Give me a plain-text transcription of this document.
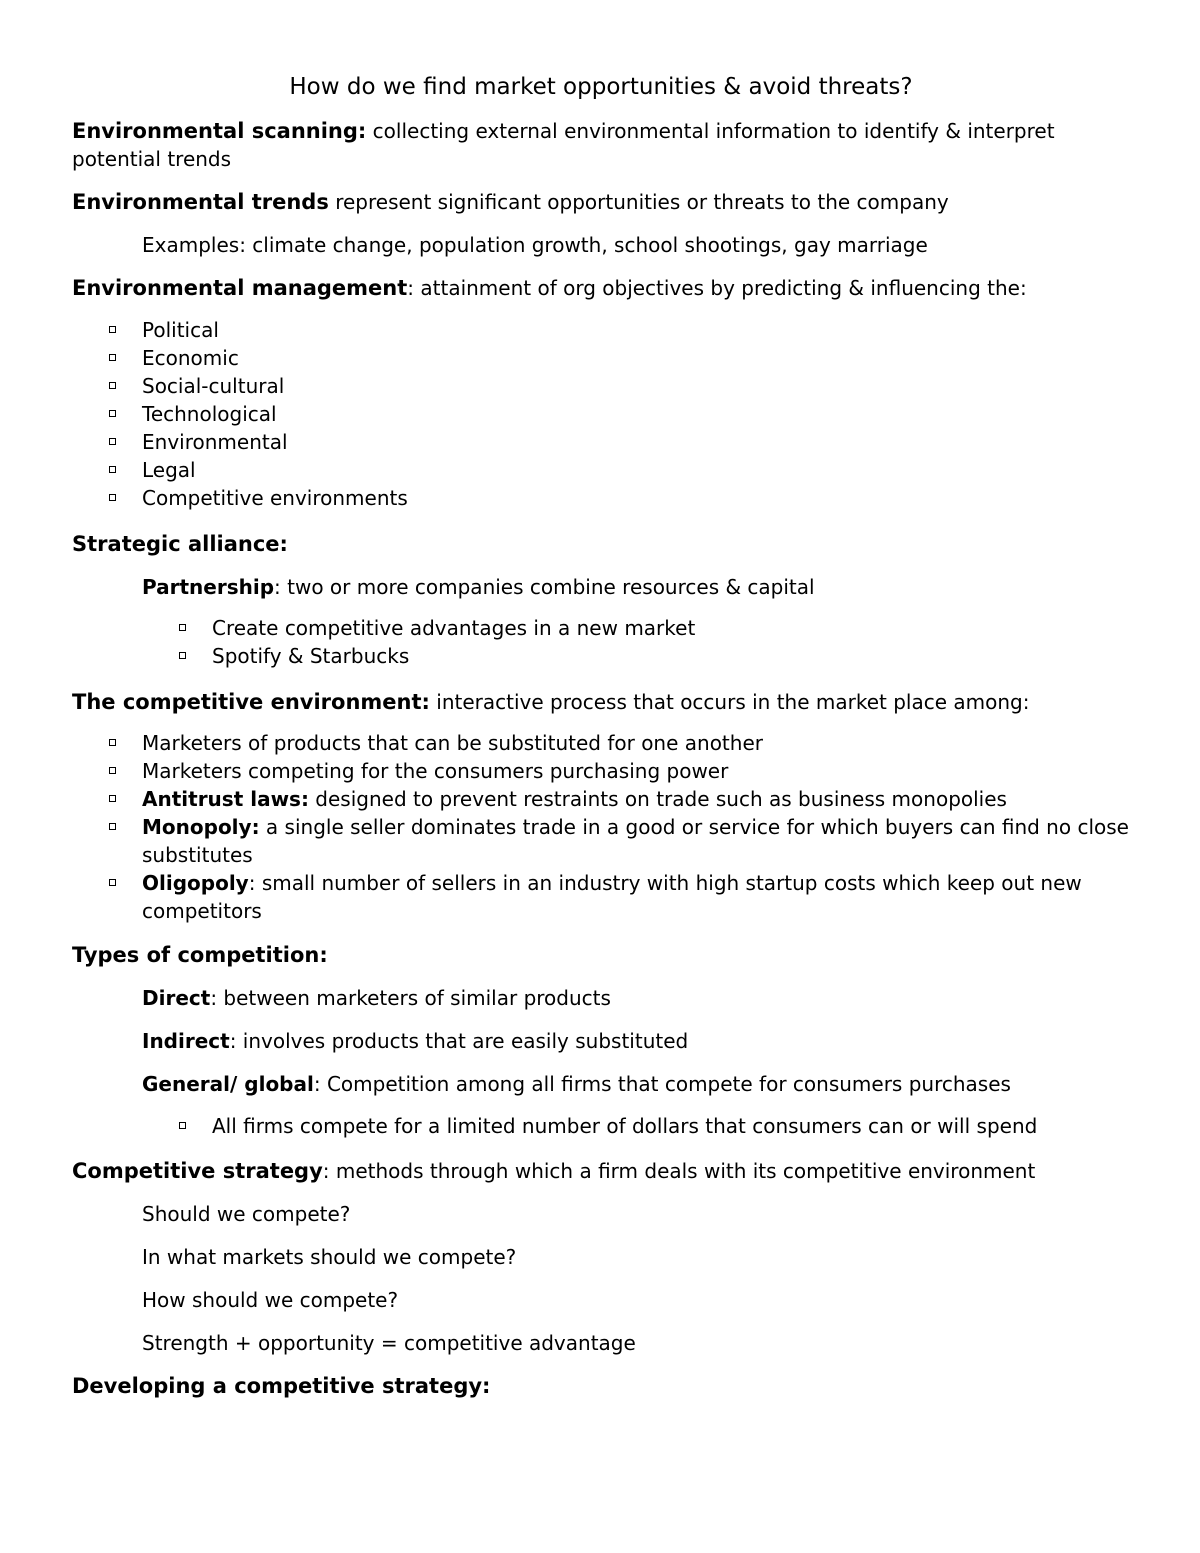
How do we find market opportunities & avoid threats?
Environmental scanning: collecting external environmental information to identify & interpret potential trends
Environmental trends represent significant opportunities or threats to the company
Examples: climate change, population growth, school shootings, gay marriage
Environmental management: attainment of org objectives by predicting & influencing the:
Political
Economic
Social-cultural
Technological
Environmental
Legal
Competitive environments
Strategic alliance:
Partnership: two or more companies combine resources & capital
Create competitive advantages in a new market
Spotify & Starbucks
The competitive environment: interactive process that occurs in the market place among:
Marketers of products that can be substituted for one another
Marketers competing for the consumers purchasing power
Antitrust laws: designed to prevent restraints on trade such as business monopolies
Monopoly: a single seller dominates trade in a good or service for which buyers can find no close substitutes
Oligopoly: small number of sellers in an industry with high startup costs which keep out new competitors
Types of competition:
Direct: between marketers of similar products
Indirect: involves products that are easily substituted
General/ global: Competition among all firms that compete for consumers purchases
All firms compete for a limited number of dollars that consumers can or will spend
Competitive strategy: methods through which a firm deals with its competitive environment
Should we compete?
In what markets should we compete?
How should we compete?
Strength + opportunity = competitive advantage
Developing a competitive strategy:
